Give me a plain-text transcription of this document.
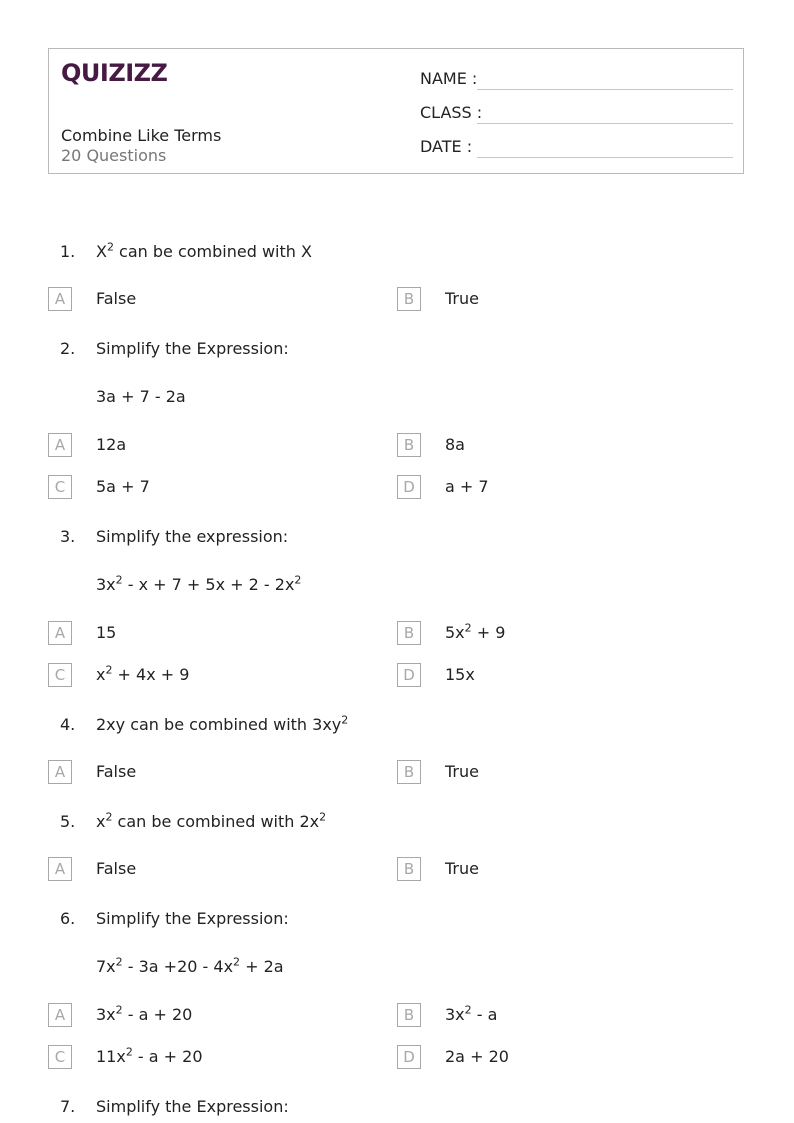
QUIZIZZ
Combine Like Terms
20 Questions
NAME :
CLASS :
DATE :
1. $X^2$ can be combined with X
A	False	B	True
2. Simplify the Expression:
3a + 7 - 2a
A	12a	B	8a
C	5a + 7	D	a + 7
3. Simplify the expression:
$3x^2 - x + 7 + 5x + 2 - 2x^2$
A	15	B	$5x^2 + 9$
C	$x^2 + 4x + 9$	D	15x
4. 2xy can be combined with $3xy^2$
A	False	B	True
5. $x^2$ can be combined with $2x^2$
A	False	B	True
6. Simplify the Expression:
$7x^2 - 3a +20 - 4x^2 + 2a$
A	$3x^2 - a + 20$	B	$3x^2$ - a
C	$11x^2 - a + 20$	D	2a + 20
7. Simplify the Expression:
